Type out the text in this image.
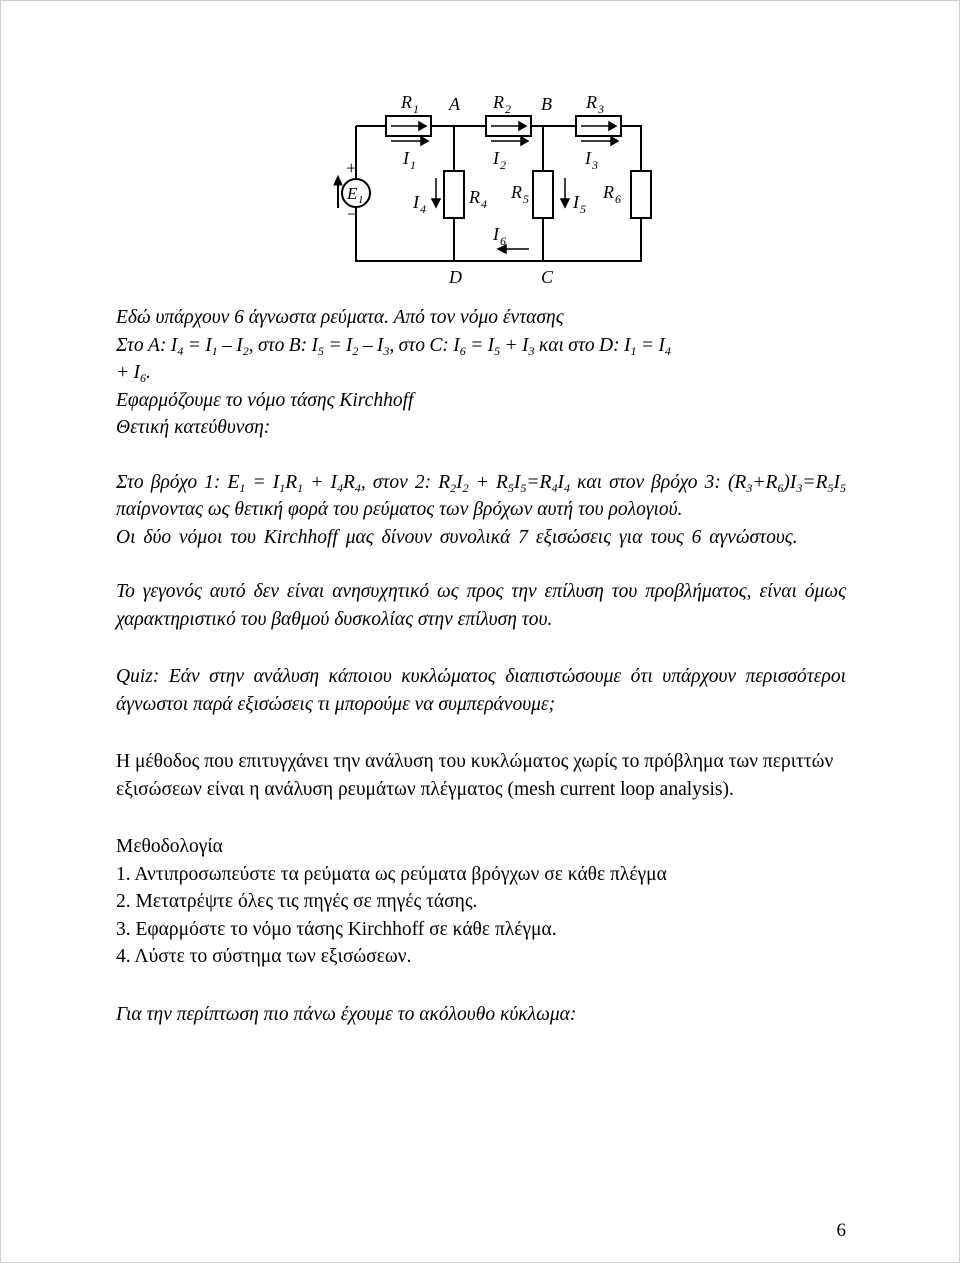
R 1 A R 2 B R 3
I 1	I 2	I 3
I 4
R 4
R 5 I 5
R 6
I 6
D	C
E 1
+
−

Εδώ υπάρχουν 6 άγνωστα ρεύματα. Από τον νόμο έντασης

Στο A: $I_4 = I_1 - I_2$, στο B: $I_5 = I_2 - I_3$, στο C: $I_6 = I_5 + I_3$ και στο D: $I_1 = I_4$
+ $I_6$.

Εφαρμόζουμε το νόμο τάσης Kirchhoff

Θετική κατεύθυνση:

Στο βρόχο 1: $E_1 = I_1R_1 + I_4R_4$, στον 2: $R_2I_2 + R_5I_5=R_4I_4$ και στον βρόχο 3: $(R_3+R_6)I_3=R_5I_5$ παίρνοντας ως θετική φορά του ρεύματος των βρόχων αυτή του ρολογιού.

Οι δύο νόμοι του Kirchhoff μας δίνουν συνολικά 7 εξισώσεις για τους 6 αγνώστους.

Το γεγονός αυτό δεν είναι ανησυχητικό ως προς την επίλυση του προβλήματος, είναι όμως χαρακτηριστικό του βαθμού δυσκολίας στην επίλυση του.

Quiz: Εάν στην ανάλυση κάποιου κυκλώματος διαπιστώσουμε ότι υπάρχουν περισσότεροι άγνωστοι παρά εξισώσεις τι μπορούμε να συμπεράνουμε;

Η μέθοδος που επιτυγχάνει την ανάλυση του κυκλώματος χωρίς το πρόβλημα των περιττών εξισώσεων είναι η ανάλυση ρευμάτων πλέγματος (mesh current loop analysis).

Μεθοδολογία

1. Αντιπροσωπεύστε τα ρεύματα ως ρεύματα βρόγχων σε κάθε πλέγμα

2. Μετατρέψτε όλες τις πηγές σε πηγές τάσης.

3. Εφαρμόστε το νόμο τάσης Kirchhoff σε κάθε πλέγμα.

4. Λύστε το σύστημα των εξισώσεων.

Για την περίπτωση πιο πάνω έχουμε το ακόλουθο κύκλωμα:

6
